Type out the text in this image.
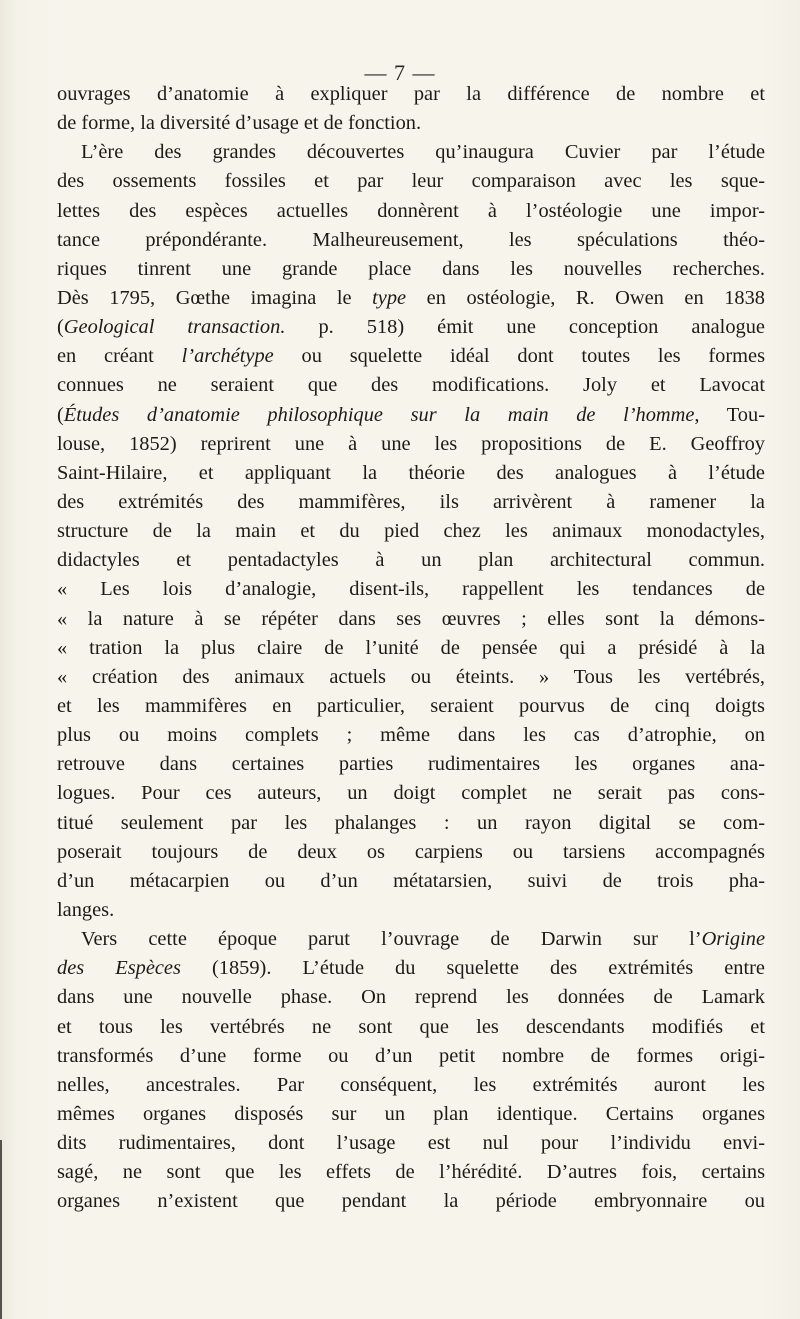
— 7 —
ouvrages d’anatomie à expliquer par la différence de nombre et
de forme, la diversité d’usage et de fonction.
L’ère des grandes découvertes qu’inaugura Cuvier par l’étude
des ossements fossiles et par leur comparaison avec les sque-
lettes des espèces actuelles donnèrent à l’ostéologie une impor-
tance prépondérante. Malheureusement, les spéculations théo-
riques tinrent une grande place dans les nouvelles recherches.
Dès 1795, Gœthe imagina le type en ostéologie, R. Owen en 1838
(Geological transaction. p. 518) émit une conception analogue
en créant l’archétype ou squelette idéal dont toutes les formes
connues ne seraient que des modifications. Joly et Lavocat
(Études d’anatomie philosophique sur la main de l’homme, Tou-
louse, 1852) reprirent une à une les propositions de E. Geoffroy
Saint-Hilaire, et appliquant la théorie des analogues à l’étude
des extrémités des mammifères, ils arrivèrent à ramener la
structure de la main et du pied chez les animaux monodactyles,
didactyles et pentadactyles à un plan architectural commun.
« Les lois d’analogie, disent-ils, rappellent les tendances de
« la nature à se répéter dans ses œuvres ; elles sont la démons-
« tration la plus claire de l’unité de pensée qui a présidé à la
« création des animaux actuels ou éteints. » Tous les vertébrés,
et les mammifères en particulier, seraient pourvus de cinq doigts
plus ou moins complets ; même dans les cas d’atrophie, on
retrouve dans certaines parties rudimentaires les organes ana-
logues. Pour ces auteurs, un doigt complet ne serait pas cons-
titué seulement par les phalanges : un rayon digital se com-
poserait toujours de deux os carpiens ou tarsiens accompagnés
d’un métacarpien ou d’un métatarsien, suivi de trois pha-
langes.
Vers cette époque parut l’ouvrage de Darwin sur l’Origine
des Espèces (1859). L’étude du squelette des extrémités entre
dans une nouvelle phase. On reprend les données de Lamark
et tous les vertébrés ne sont que les descendants modifiés et
transformés d’une forme ou d’un petit nombre de formes origi-
nelles, ancestrales. Par conséquent, les extrémités auront les
mêmes organes disposés sur un plan identique. Certains organes
dits rudimentaires, dont l’usage est nul pour l’individu envi-
sagé, ne sont que les effets de l’hérédité. D’autres fois, certains
organes n’existent que pendant la période embryonnaire ou
